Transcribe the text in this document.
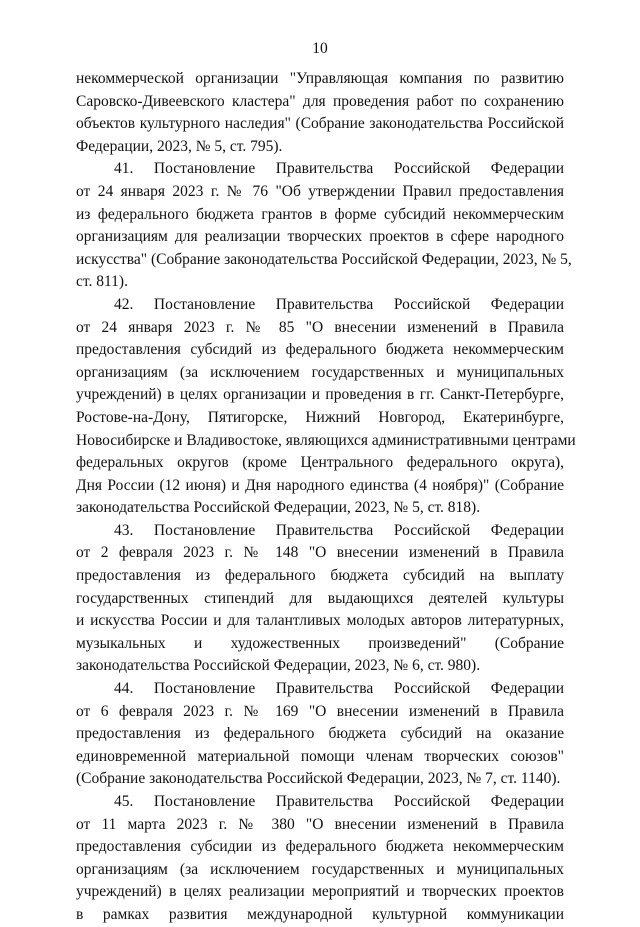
10
некоммерческой организации "Управляющая компания по развитию
Саровско-Дивеевского кластера" для проведения работ по сохранению
объектов культурного наследия" (Собрание законодательства Российской
Федерации, 2023, № 5, ст. 795).
41. Постановление Правительства Российской Федерации
от 24 января 2023 г. № 76 "Об утверждении Правил предоставления
из федерального бюджета грантов в форме субсидий некоммерческим
организациям для реализации творческих проектов в сфере народного
искусства" (Собрание законодательства Российской Федерации, 2023, № 5,
ст. 811).
42. Постановление Правительства Российской Федерации
от 24 января 2023 г. № 85 "О внесении изменений в Правила
предоставления субсидий из федерального бюджета некоммерческим
организациям (за исключением государственных и муниципальных
учреждений) в целях организации и проведения в гг. Санкт-Петербурге,
Ростове-на-Дону, Пятигорске, Нижний Новгород, Екатеринбурге,
Новосибирске и Владивостоке, являющихся административными центрами
федеральных округов (кроме Центрального федерального округа),
Дня России (12 июня) и Дня народного единства (4 ноября)" (Собрание
законодательства Российской Федерации, 2023, № 5, ст. 818).
43. Постановление Правительства Российской Федерации
от 2 февраля 2023 г. № 148 "О внесении изменений в Правила
предоставления из федерального бюджета субсидий на выплату
государственных стипендий для выдающихся деятелей культуры
и искусства России и для талантливых молодых авторов литературных,
музыкальных и художественных произведений" (Собрание
законодательства Российской Федерации, 2023, № 6, ст. 980).
44. Постановление Правительства Российской Федерации
от 6 февраля 2023 г. № 169 "О внесении изменений в Правила
предоставления из федерального бюджета субсидий на оказание
единовременной материальной помощи членам творческих союзов"
(Собрание законодательства Российской Федерации, 2023, № 7, ст. 1140).
45. Постановление Правительства Российской Федерации
от 11 марта 2023 г. № 380 "О внесении изменений в Правила
предоставления субсидии из федерального бюджета некоммерческим
организациям (за исключением государственных и муниципальных
учреждений) в целях реализации мероприятий и творческих проектов
в рамках развития международной культурной коммуникации
